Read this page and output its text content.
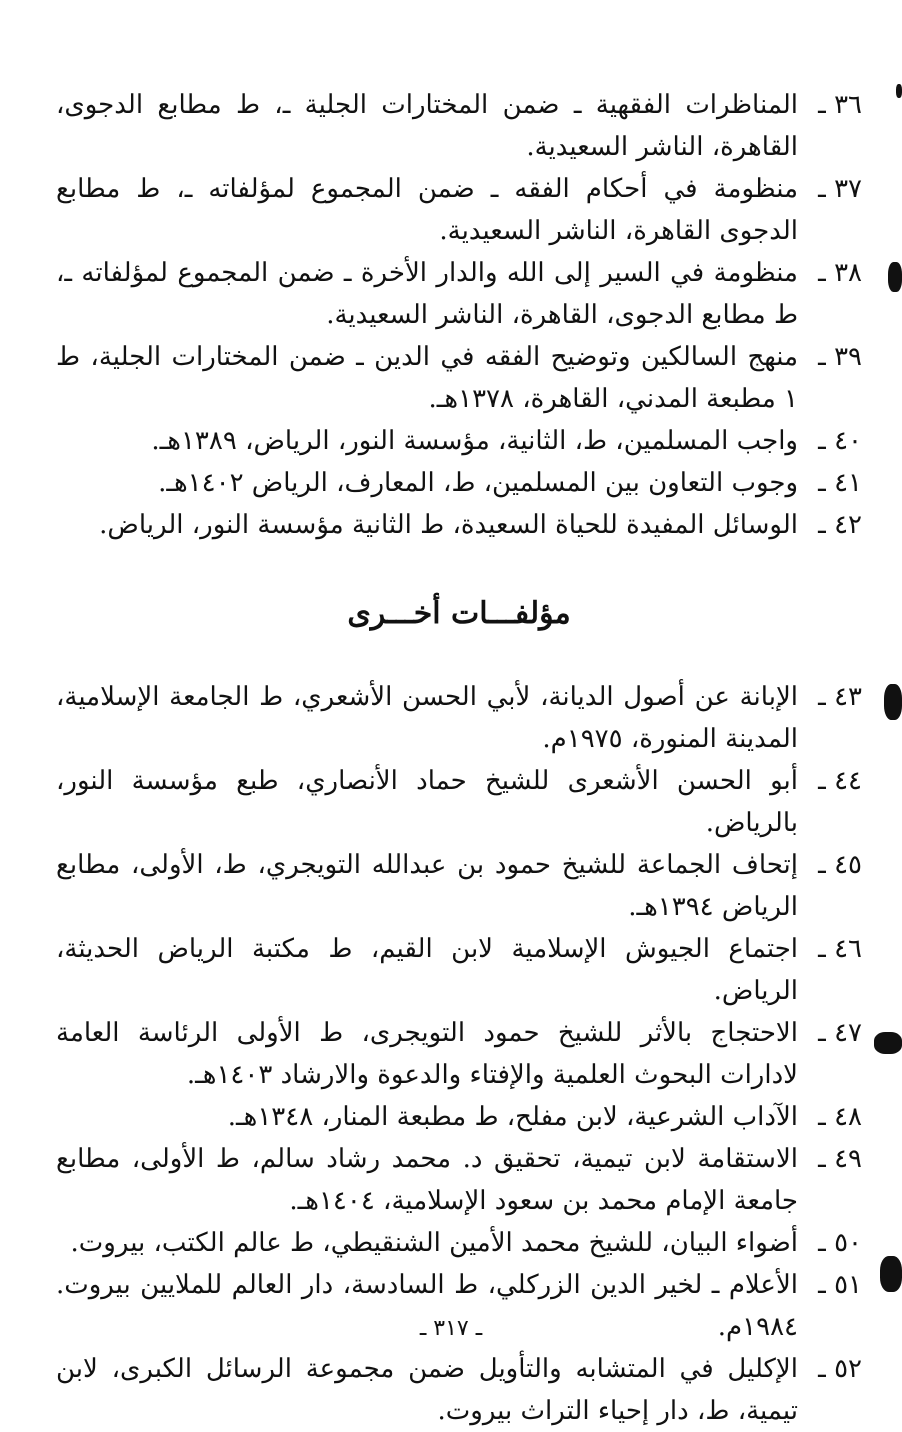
٣٦ ـ
المناظرات الفقهية ـ ضمن المختارات الجلية ـ، ط مطابع الدجوى، القاهرة، الناشر السعيدية.
٣٧ ـ
منظومة في أحكام الفقه ـ ضمن المجموع لمؤلفاته ـ، ط مطابع الدجوى القاهرة، الناشر السعيدية.
٣٨ ـ
منظومة في السير إلى الله والدار الأخرة ـ ضمن المجموع لمؤلفاته ـ، ط مطابع الدجوى، القاهرة، الناشر السعيدية.
٣٩ ـ
منهج السالكين وتوضيح الفقه في الدين ـ ضمن المختارات الجلية، ط ١ مطبعة المدني، القاهرة، ١٣٧٨هـ.
٤٠ ـ
واجب المسلمين، ط، الثانية، مؤسسة النور، الرياض، ١٣٨٩هـ.
٤١ ـ
وجوب التعاون بين المسلمين، ط، المعارف، الرياض ١٤٠٢هـ.
٤٢ ـ
الوسائل المفيدة للحياة السعيدة، ط الثانية مؤسسة النور، الرياض.
مؤلفـــات أخـــرى
٤٣ ـ
الإبانة عن أصول الديانة، لأبي الحسن الأشعري، ط الجامعة الإسلامية، المدينة المنورة، ١٩٧٥م.
٤٤ ـ
أبو الحسن الأشعرى للشيخ حماد الأنصاري، طبع مؤسسة النور، بالرياض.
٤٥ ـ
إتحاف الجماعة للشيخ حمود بن عبدالله التويجري، ط، الأولى، مطابع الرياض ١٣٩٤هـ.
٤٦ ـ
اجتماع الجيوش الإسلامية لابن القيم، ط مكتبة الرياض الحديثة، الرياض.
٤٧ ـ
الاحتجاج بالأثر للشيخ حمود التويجرى، ط الأولى الرئاسة العامة لادارات البحوث العلمية والإفتاء والدعوة والارشاد ١٤٠٣هـ.
٤٨ ـ
الآداب الشرعية، لابن مفلح، ط مطبعة المنار، ١٣٤٨هـ.
٤٩ ـ
الاستقامة لابن تيمية، تحقيق د. محمد رشاد سالم، ط الأولى، مطابع جامعة الإمام محمد بن سعود الإسلامية، ١٤٠٤هـ.
٥٠ ـ
أضواء البيان، للشيخ محمد الأمين الشنقيطي، ط عالم الكتب، بيروت.
٥١ ـ
الأعلام ـ لخير الدين الزركلي، ط السادسة، دار العالم للملايين بيروت. ١٩٨٤م.
٥٢ ـ
الإكليل في المتشابه والتأويل ضمن مجموعة الرسائل الكبرى، لابن تيمية، ط، دار إحياء التراث بيروت.
ـ ٣١٧ ـ
